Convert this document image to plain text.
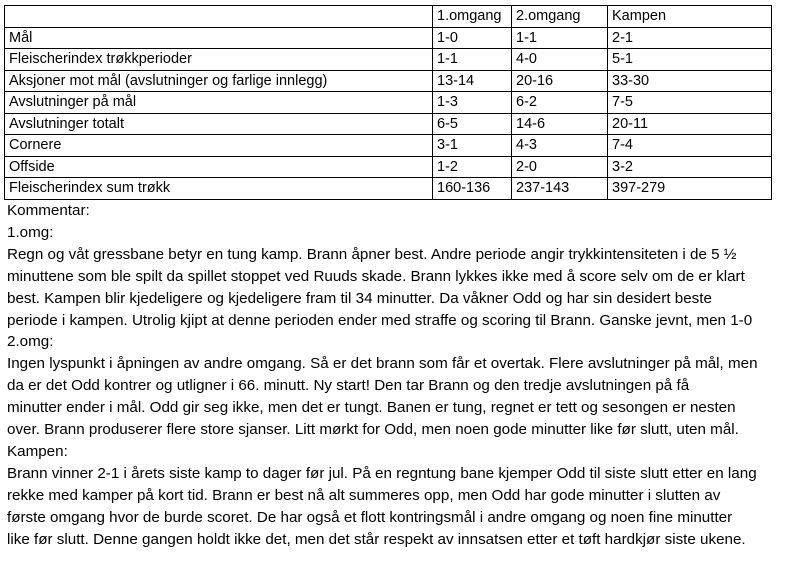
	1.omgang	2.omgang	Kampen
Mål	1-0	1-1	2-1
Fleischerindex trøkkperioder	1-1	4-0	5-1
Aksjoner mot mål (avslutninger og farlige innlegg)	13-14	20-16	33-30
Avslutninger på mål	1-3	6-2	7-5
Avslutninger totalt	6-5	14-6	20-11
Cornere	3-1	4-3	7-4
Offside	1-2	2-0	3-2
Fleischerindex sum trøkk	160-136	237-143	397-279

Kommentar:

1.omg:

Regn og våt gressbane betyr en tung kamp. Brann åpner best. Andre periode angir trykkintensiteten i de 5 ½

minuttene som ble spilt da spillet stoppet ved Ruuds skade. Brann lykkes ikke med å score selv om de er klart

best. Kampen blir kjedeligere og kjedeligere fram til 34 minutter. Da våkner Odd og har sin desidert beste

periode i kampen. Utrolig kjipt at denne perioden ender med straffe og scoring til Brann. Ganske jevnt, men 1-0

2.omg:

Ingen lyspunkt i åpningen av andre omgang. Så er det brann som får et overtak. Flere avslutninger på mål, men

da er det Odd kontrer og utligner i 66. minutt. Ny start! Den tar Brann og den tredje avslutningen på få

minutter ender i mål. Odd gir seg ikke, men det er tungt. Banen er tung, regnet er tett og sesongen er nesten

over. Brann produserer flere store sjanser. Litt mørkt for Odd, men noen gode minutter like før slutt, uten mål.

Kampen:

Brann vinner 2-1 i årets siste kamp to dager før jul. På en regntung bane kjemper Odd til siste slutt etter en lang

rekke med kamper på kort tid. Brann er best nå alt summeres opp, men Odd har gode minutter i slutten av

første omgang hvor de burde scoret. De har også et flott kontringsmål i andre omgang og noen fine minutter

like før slutt. Denne gangen holdt ikke det, men det står respekt av innsatsen etter et tøft hardkjør siste ukene.
